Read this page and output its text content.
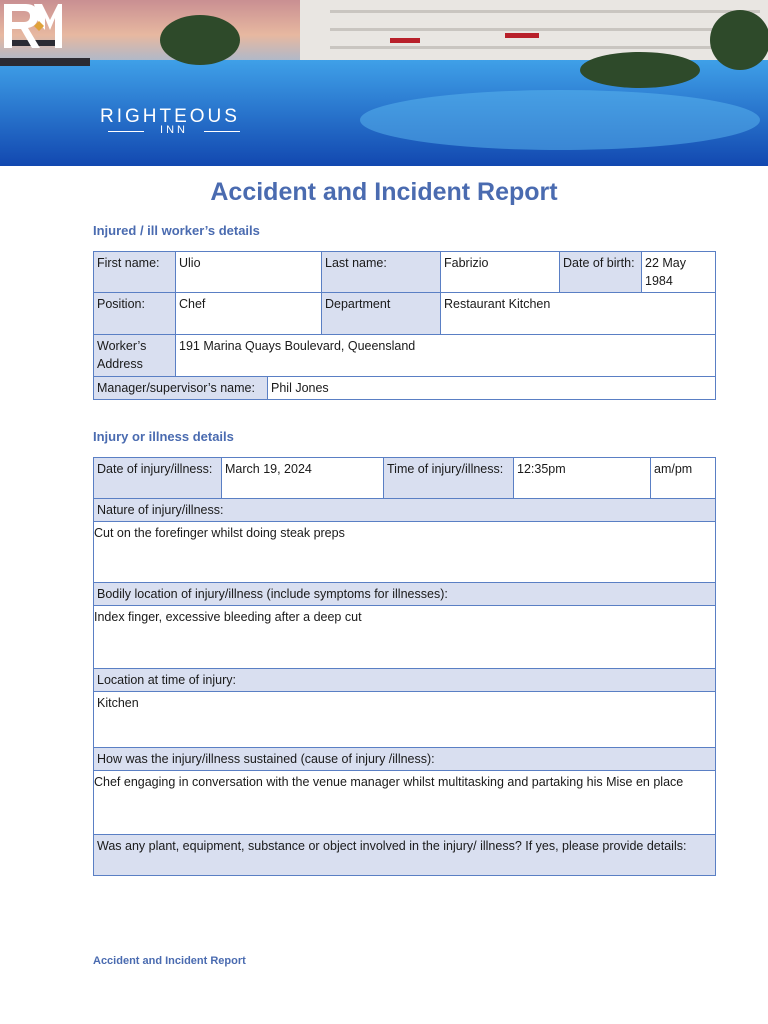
RIGHTEOUS
INN
Accident and Incident Report
Injured / ill worker’s details
First name:	Ulio	Last name:	Fabrizio	Date of birth:	22 May 1984
Position:	Chef	Department	Restaurant Kitchen		
Worker’s Address	191 Marina Quays Boulevard, Queensland				
Manager/supervisor’s name:	Phil Jones
Injury or illness details
Date of injury/illness:	March 19, 2024	Time of injury/illness:	12:35pm	am/pm
Nature of injury/illness:
Cut on the forefinger whilst doing steak preps
Bodily location of injury/illness (include symptoms for illnesses):
Index finger, excessive bleeding after a deep cut
Location at time of injury:
Kitchen
How was the injury/illness sustained (cause of injury /illness):
Chef engaging in conversation with the venue manager whilst multitasking and partaking his Mise en place
Was any plant, equipment, substance or object involved in the injury/ illness? If yes, please provide details:
Accident and Incident Report
